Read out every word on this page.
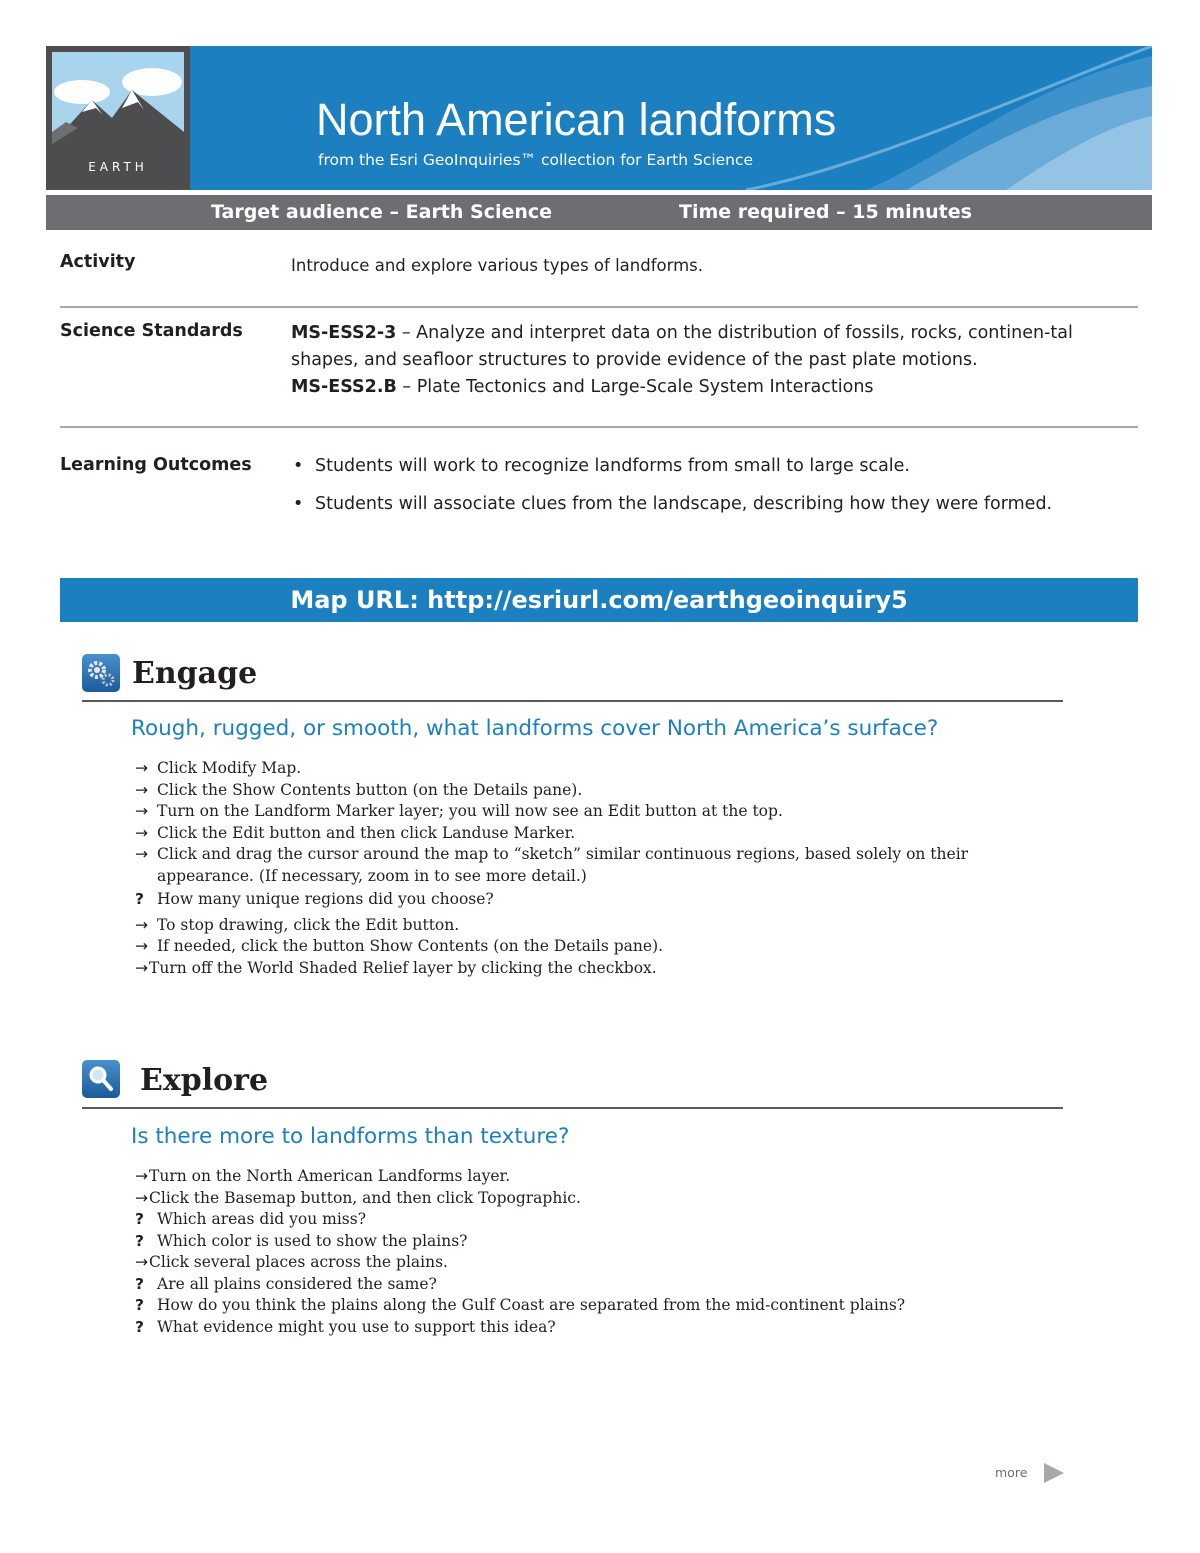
EARTH
North American landforms
from the Esri GeoInquiries™ collection for Earth Science
Target audience – Earth Science	Time required – 15 minutes
Activity	Introduce and explore various types of landforms.
Science Standards	MS-ESS2-3 – Analyze and interpret data on the distribution of fossils, rocks, continen-tal shapes, and seafloor structures to provide evidence of the past plate motions.
MS-ESS2.B – Plate Tectonics and Large-Scale System Interactions
Learning Outcomes
•	Students will work to recognize landforms from small to large scale.
• Students will associate clues from the landscape, describing how they were formed.
Map URL: http://esriurl.com/earthgeoinquiry5
Engage
Rough, rugged, or smooth, what landforms cover North America’s surface?
→ Click Modify Map.
→ Click the Show Contents button (on the Details pane).
→ Turn on the Landform Marker layer; you will now see an Edit button at the top.
→ Click the Edit button and then click Landuse Marker.
→ Click and drag the cursor around the map to “sketch” similar continuous regions, based solely on their appearance. (If necessary, zoom in to see more detail.)
? How many unique regions did you choose?
→ To stop drawing, click the Edit button.
→ If needed, click the button Show Contents (on the Details pane).
→ Turn off the World Shaded Relief layer by clicking the checkbox.
Explore
Is there more to landforms than texture?
→ Turn on the North American Landforms layer.
→ Click the Basemap button, and then click Topographic.
? Which areas did you miss?
? Which color is used to show the plains?
→ Click several places across the plains.
? Are all plains considered the same?
? How do you think the plains along the Gulf Coast are separated from the mid-continent plains?
? What evidence might you use to support this idea?
more
